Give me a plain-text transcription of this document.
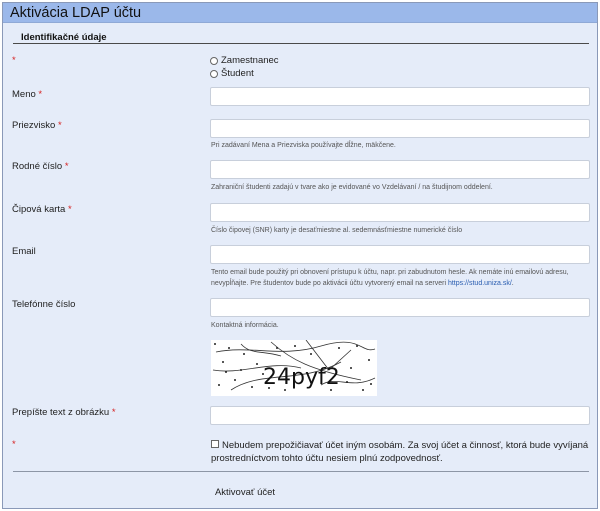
Aktivácia LDAP účtu
Identifikačné údaje
*	Zamestnanec
Študent
Meno *
Priezvisko *
Pri zadávaní Mena a Priezviska používajte dĺžne, mäkčene.
Rodné číslo *
Zahraniční študenti zadajú v tvare ako je evidované vo Vzdelávaní / na študijnom oddelení.
Čipová karta *
Číslo čipovej (SNR) karty je desaťmiestne al. sedemnásťmiestne numerické číslo
Email
Tento email bude použitý pri obnovení prístupu k účtu, napr. pri zabudnutom hesle. Ak nemáte inú emailovú adresu, nevypĺňajte. Pre študentov bude po aktivácii účtu vytvorený email na serveri https://stud.uniza.sk/.
Telefónne číslo
Kontaktná informácia.
24pyf2
Prepíšte text z obrázku *
*	Nebudem prepožičiavať účet iným osobám. Za svoj účet a činnosť, ktorá bude vyvíjaná prostredníctvom tohto účtu nesiem plnú zodpovednosť.
Aktivovať účet
